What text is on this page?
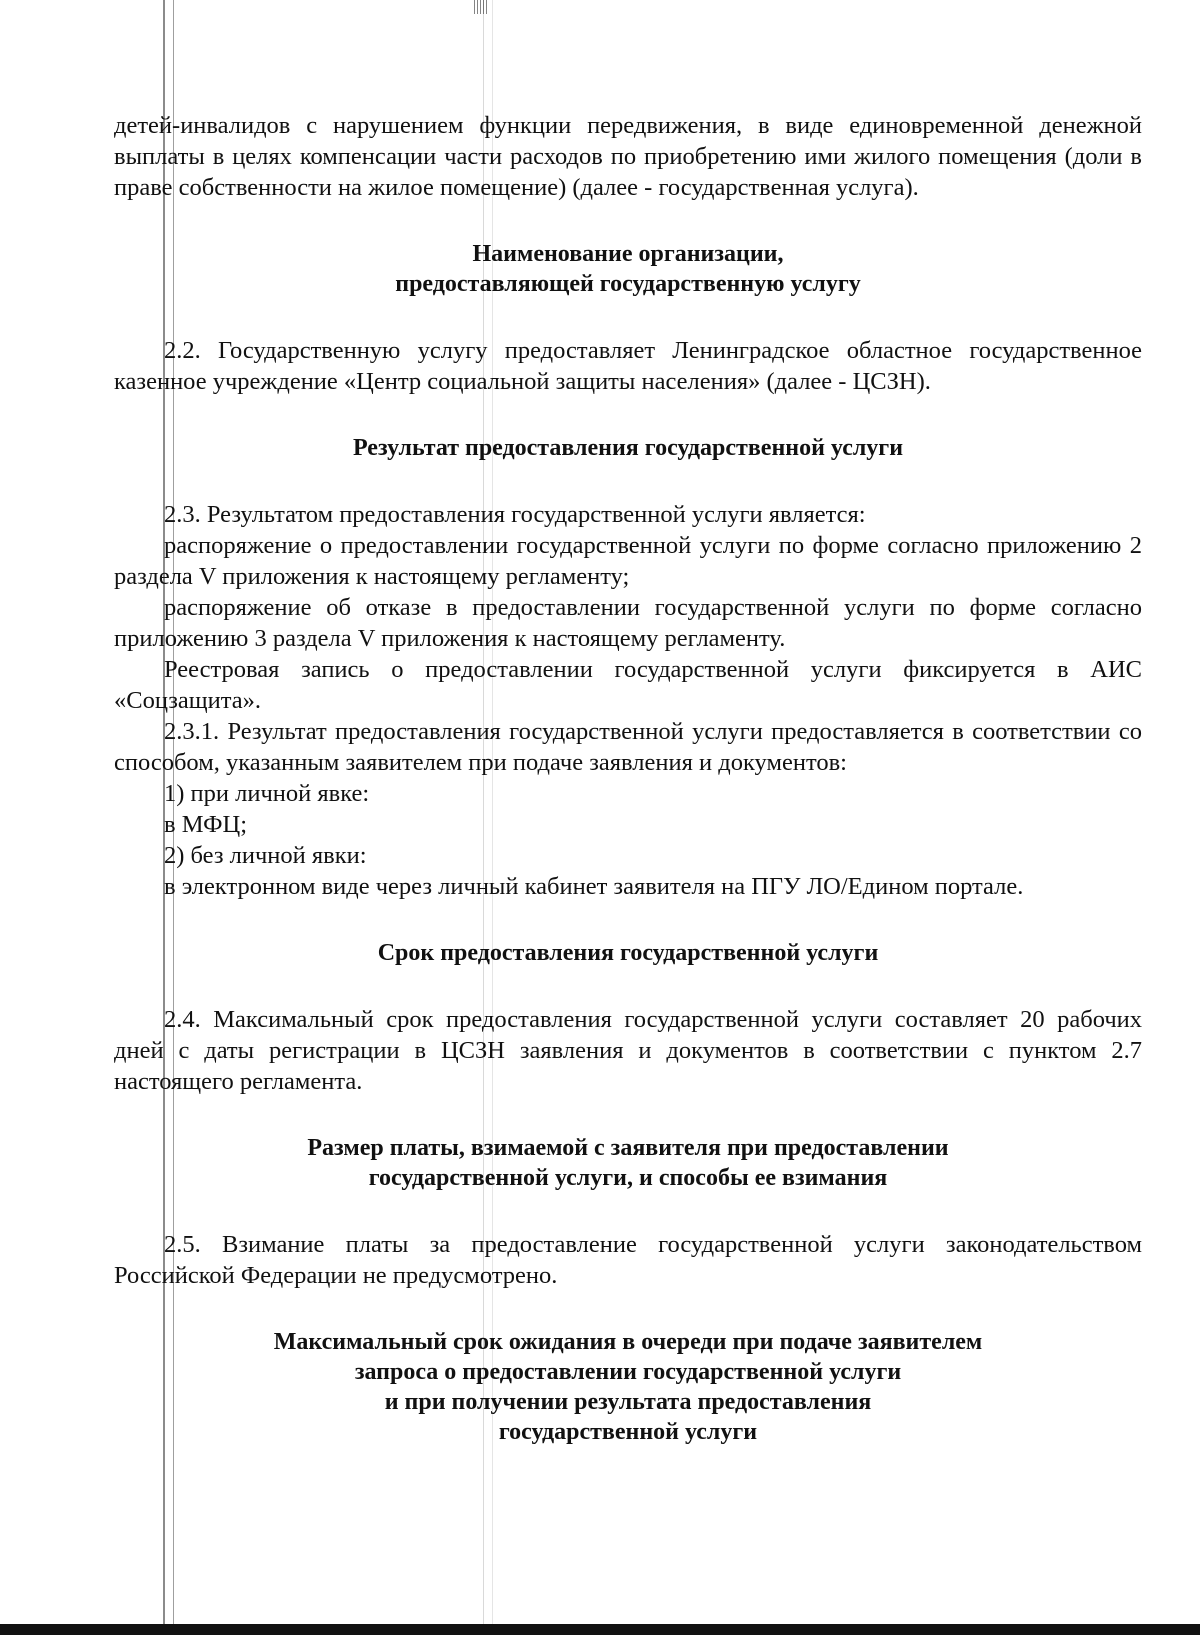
детей-инвалидов с нарушением функции передвижения, в виде единовременной денежной выплаты в целях компенсации части расходов по приобретению ими жилого помещения (доли в праве собственности на жилое помещение) (далее - государственная услуга).

Наименование организации,
предоставляющей государственную услугу

2.2. Государственную услугу предоставляет Ленинградское областное государственное казенное учреждение «Центр социальной защиты населения» (далее - ЦСЗН).

Результат предоставления государственной услуги

2.3. Результатом предоставления государственной услуги является:

распоряжение о предоставлении государственной услуги по форме согласно приложению 2 раздела V приложения к настоящему регламенту;

распоряжение об отказе в предоставлении государственной услуги по форме согласно приложению 3 раздела V приложения к настоящему регламенту.

Реестровая запись о предоставлении государственной услуги фиксируется в АИС «Соцзащита».

2.3.1. Результат предоставления государственной услуги предоставляется в соответствии со способом, указанным заявителем при подаче заявления и документов:

1) при личной явке:

в МФЦ;

2) без личной явки:

в электронном виде через личный кабинет заявителя на ПГУ ЛО/Едином портале.

Срок предоставления государственной услуги

2.4. Максимальный срок предоставления государственной услуги составляет 20 рабочих дней с даты регистрации в ЦСЗН заявления и документов в соответствии с пунктом 2.7 настоящего регламента.

Размер платы, взимаемой с заявителя при предоставлении
государственной услуги, и способы ее взимания

2.5. Взимание платы за предоставление государственной услуги законодательством Российской Федерации не предусмотрено.

Максимальный срок ожидания в очереди при подаче заявителем
запроса о предоставлении государственной услуги
и при получении результата предоставления
государственной услуги
